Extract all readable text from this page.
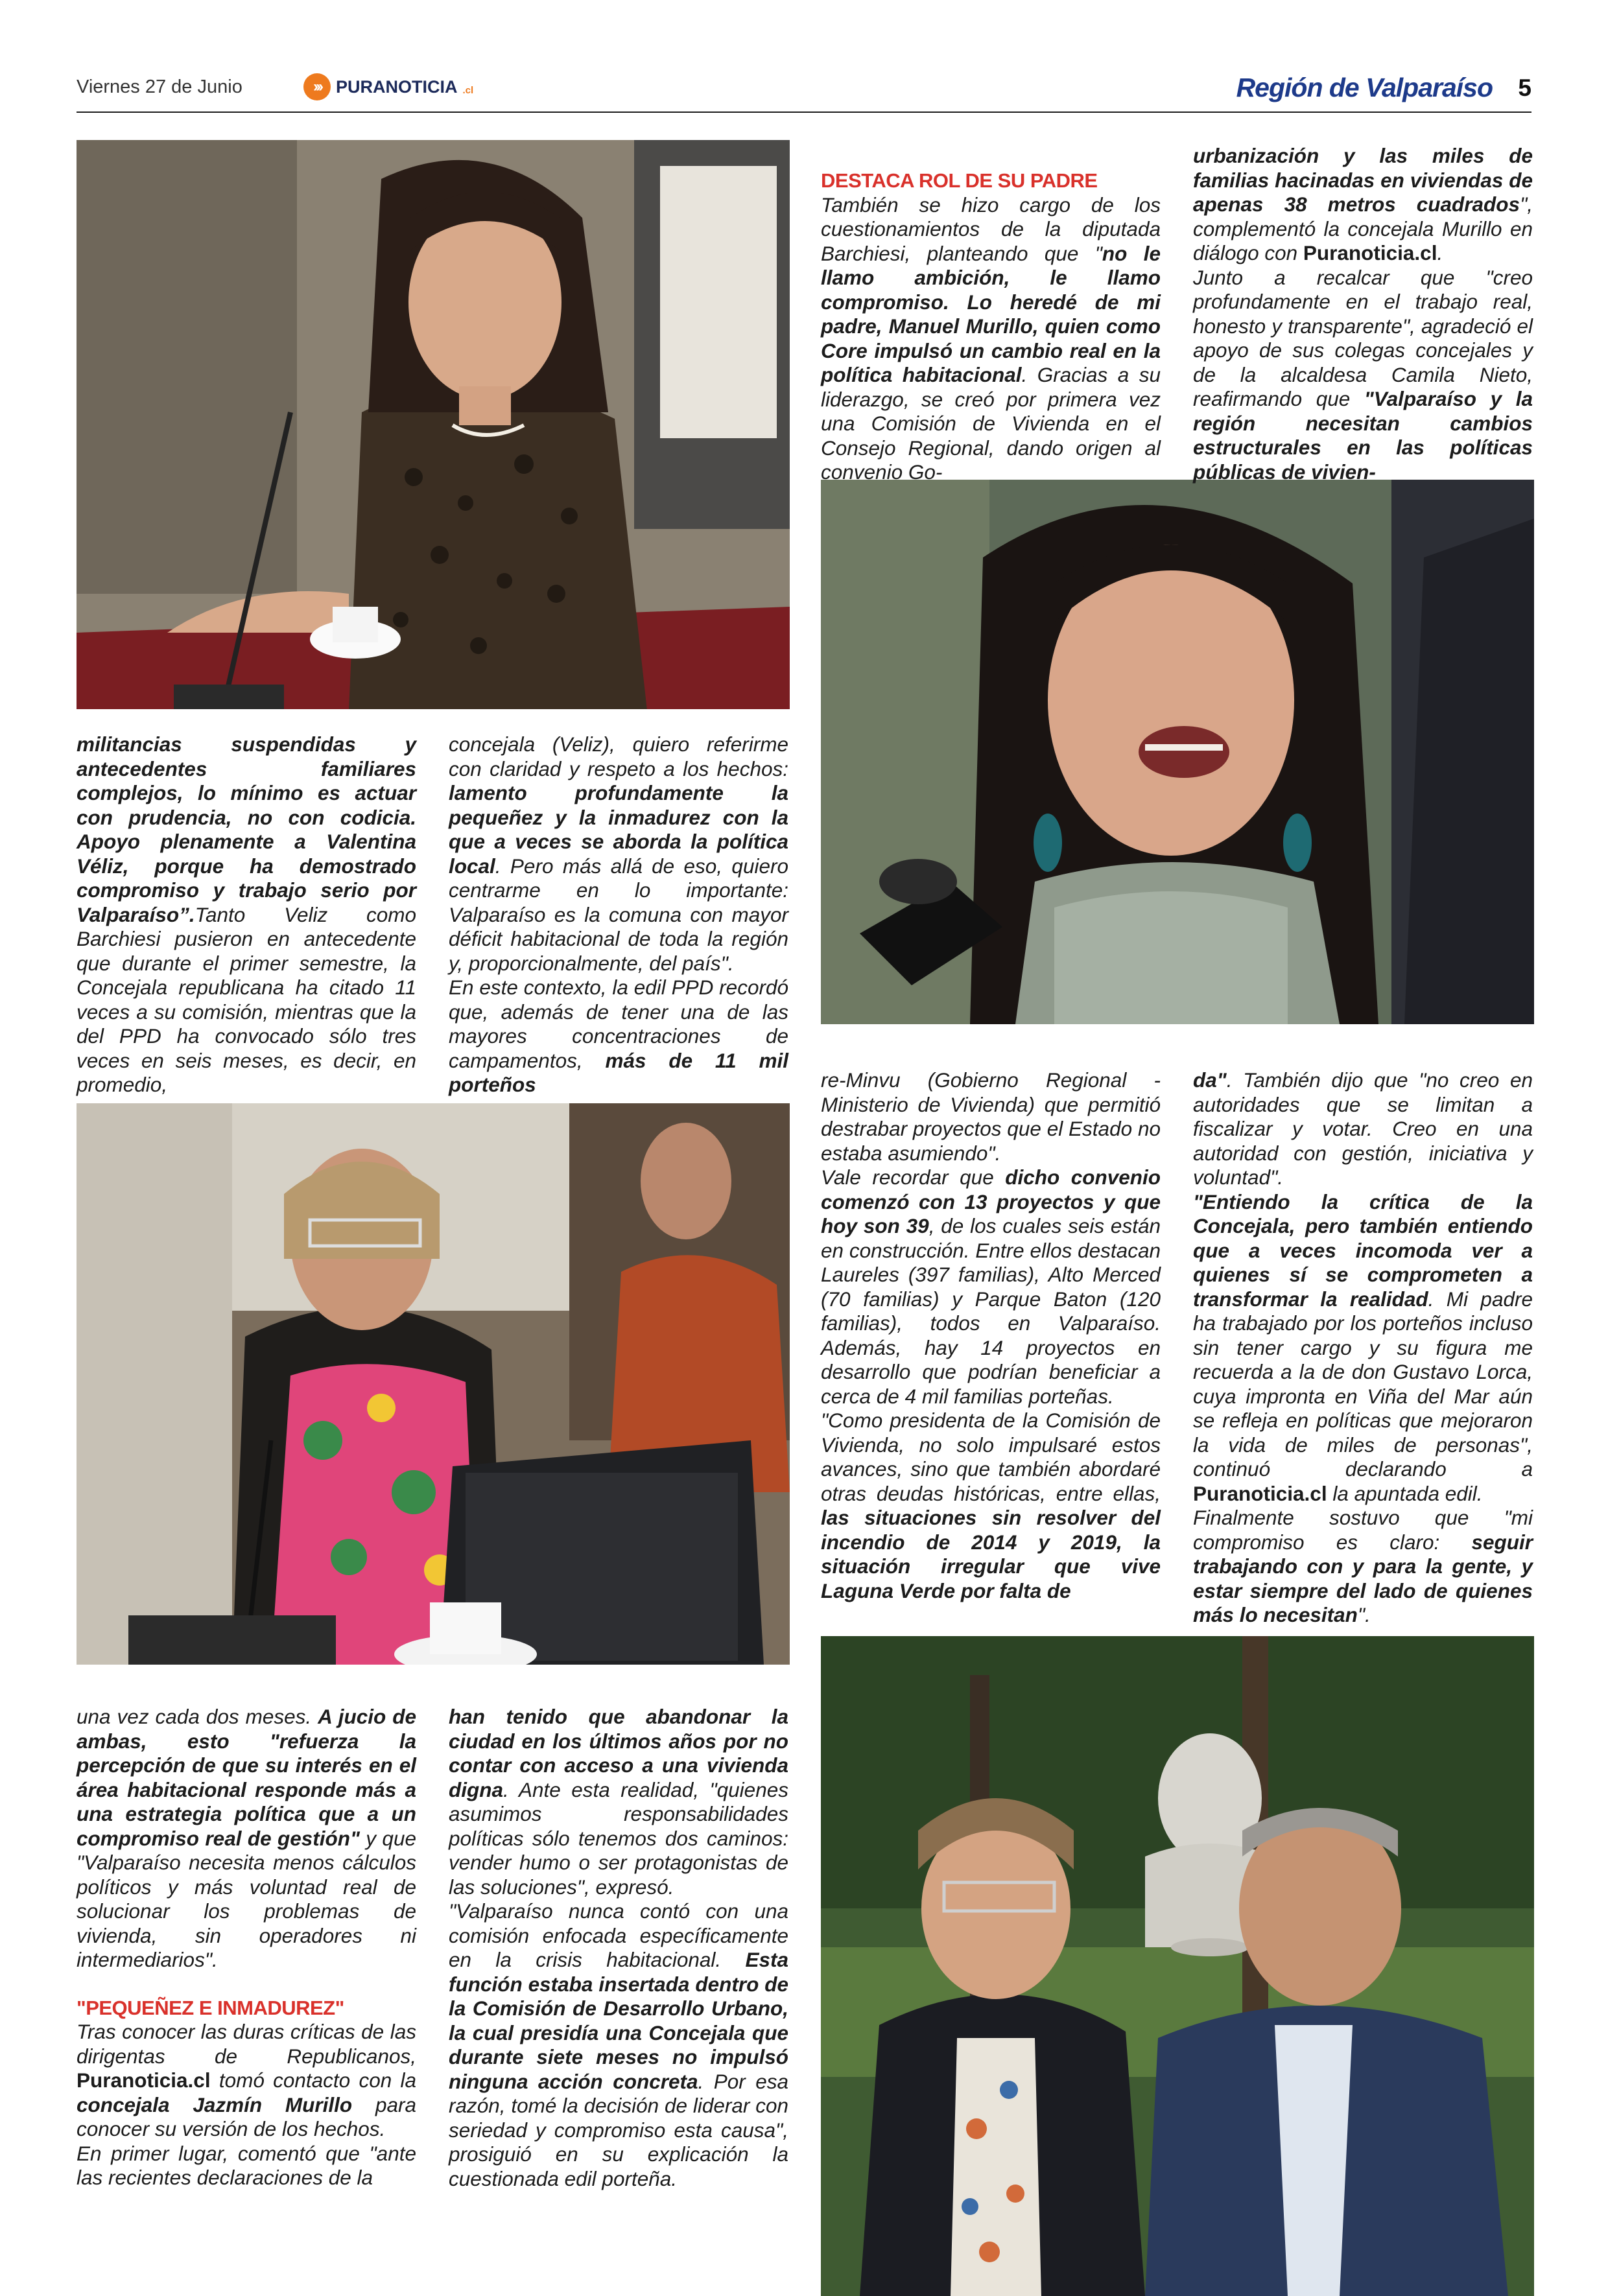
Viernes 27 de Junio	››› PURANOTICIA .cl	Región de Valparaíso 5

militancias suspendidas y antecedentes familiares complejos, lo mínimo es actuar con prudencia, no con codicia. Apoyo plenamente a Valentina Véliz, porque ha demostrado compromiso y trabajo serio por Valparaíso”.Tanto Veliz como Barchiesi pusieron en antecedente que durante el primer semestre, la Concejala republicana ha citado 11 veces a su comisión, mientras que la del PPD ha convocado sólo tres veces en seis meses, es decir, en promedio,

concejala (Veliz), quiero referirme con claridad y respeto a los hechos: lamento profundamente la pequeñez y la inmadurez con la que a veces se aborda la política local. Pero más allá de eso, quiero centrarme en lo importante: Valparaíso es la comuna con mayor déficit habitacional de toda la región y, proporcionalmente, del país".
En este contexto, la edil PPD recordó que, además de tener una de las mayores concentraciones de campamentos, más de 11 mil porteños

DESTACA ROL DE SU PADRE

También se hizo cargo de los cuestionamientos de la diputada Barchiesi, planteando que "no le llamo ambición, le llamo compromiso. Lo heredé de mi padre, Manuel Murillo, quien como Core impulsó un cambio real en la política habitacional. Gracias a su liderazgo, se creó por primera vez una Comisión de Vivienda en el Consejo Regional, dando origen al convenio Go-

urbanización y las miles de familias hacinadas en viviendas de apenas 38 metros cuadrados", complementó la concejala Murillo en diálogo con Puranoticia.cl.
Junto a recalcar que "creo profundamente en el trabajo real, honesto y transparente", agradeció el apoyo de sus colegas concejales y de la alcaldesa Camila Nieto, reafirmando que "Valparaíso y la región necesitan cambios estructurales en las políticas públicas de vivien-

re-Minvu (Gobierno Regional - Ministerio de Vivienda) que permitió destrabar proyectos que el Estado no estaba asumiendo".
Vale recordar que dicho convenio comenzó con 13 proyectos y que hoy son 39, de los cuales seis están en construcción. Entre ellos destacan Laureles (397 familias), Alto Merced (70 familias) y Parque Baton (120 familias), todos en Valparaíso. Además, hay 14 proyectos en desarrollo que podrían beneficiar a cerca de 4 mil familias porteñas.
"Como presidenta de la Comisión de Vivienda, no solo impulsaré estos avances, sino que también abordaré otras deudas históricas, entre ellas, las situaciones sin resolver del incendio de 2014 y 2019, la situación irregular que vive Laguna Verde por falta de

da". También dijo que "no creo en autoridades que se limitan a fiscalizar y votar. Creo en una autoridad con gestión, iniciativa y voluntad".
"Entiendo la crítica de la Concejala, pero también entiendo que a veces incomoda ver a quienes sí se comprometen a transformar la realidad. Mi padre ha trabajado por los porteños incluso sin tener cargo y su figura me recuerda a la de don Gustavo Lorca, cuya impronta en Viña del Mar aún se refleja en políticas que mejoraron la vida de miles de personas", continuó declarando a Puranoticia.cl la apuntada edil.
Finalmente sostuvo que "mi compromiso es claro: seguir trabajando con y para la gente, y estar siempre del lado de quienes más lo necesitan".

una vez cada dos meses. A jucio de ambas, esto "refuerza la percepción de que su interés en el área habitacional responde más a una estrategia política que a un compromiso real de gestión" y que "Valparaíso necesita menos cálculos políticos y más voluntad real de solucionar los problemas de vivienda, sin operadores ni intermediarios".

"PEQUEÑEZ E INMADUREZ"

Tras conocer las duras críticas de las dirigentas de Republicanos, Puranoticia.cl tomó contacto con la concejala Jazmín Murillo para conocer su versión de los hechos.
En primer lugar, comentó que "ante las recientes declaraciones de la

han tenido que abandonar la ciudad en los últimos años por no contar con acceso a una vivienda digna. Ante esta realidad, "quienes asumimos responsabilidades políticas sólo tenemos dos caminos: vender humo o ser protagonistas de las soluciones", expresó.
"Valparaíso nunca contó con una comisión enfocada específicamente en la crisis habitacional. Esta función estaba insertada dentro de la Comisión de Desarrollo Urbano, la cual presidía una Concejala que durante siete meses no impulsó ninguna acción concreta. Por esa razón, tomé la decisión de liderar con seriedad y compromiso esta causa", prosiguió en su explicación la cuestionada edil porteña.
